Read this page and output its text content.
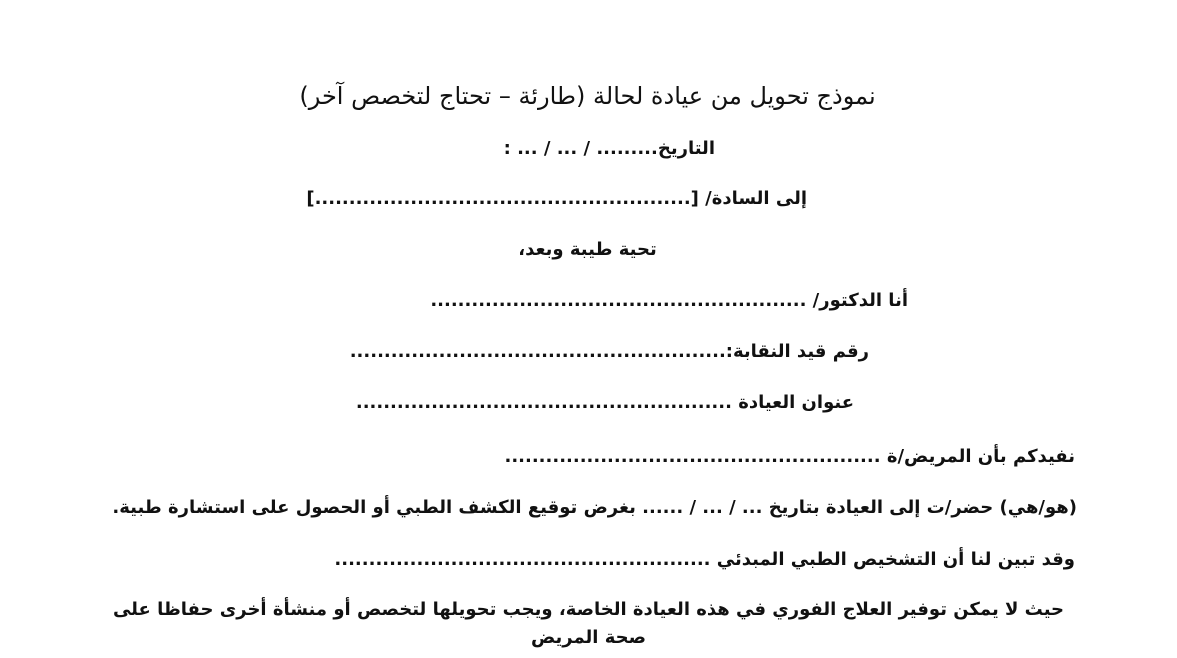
نموذج تحويل من عيادة لحالة (طارئة – تحتاج لتخصص آخر)
التاريخ......... / ... / ... :
إلى السادة/ [.......................................................]
تحية طيبة وبعد،
أنا الدكتور/ .......................................................
رقم قيد النقابة:.......................................................
عنوان العيادة .......................................................
نفيدكم بأن المريض/ة .......................................................
(هو/هي) حضر/ت إلى العيادة بتاريخ ... / ... / ...... بغرض توقيع الكشف الطبي أو الحصول على استشارة طبية.
وقد تبين لنا أن التشخيص الطبي المبدئي .......................................................
حيث لا يمكن توفير العلاج الفوري في هذه العيادة الخاصة، ويجب تحويلها لتخصص أو منشأة أخرى حفاظا على
صحة المريض
